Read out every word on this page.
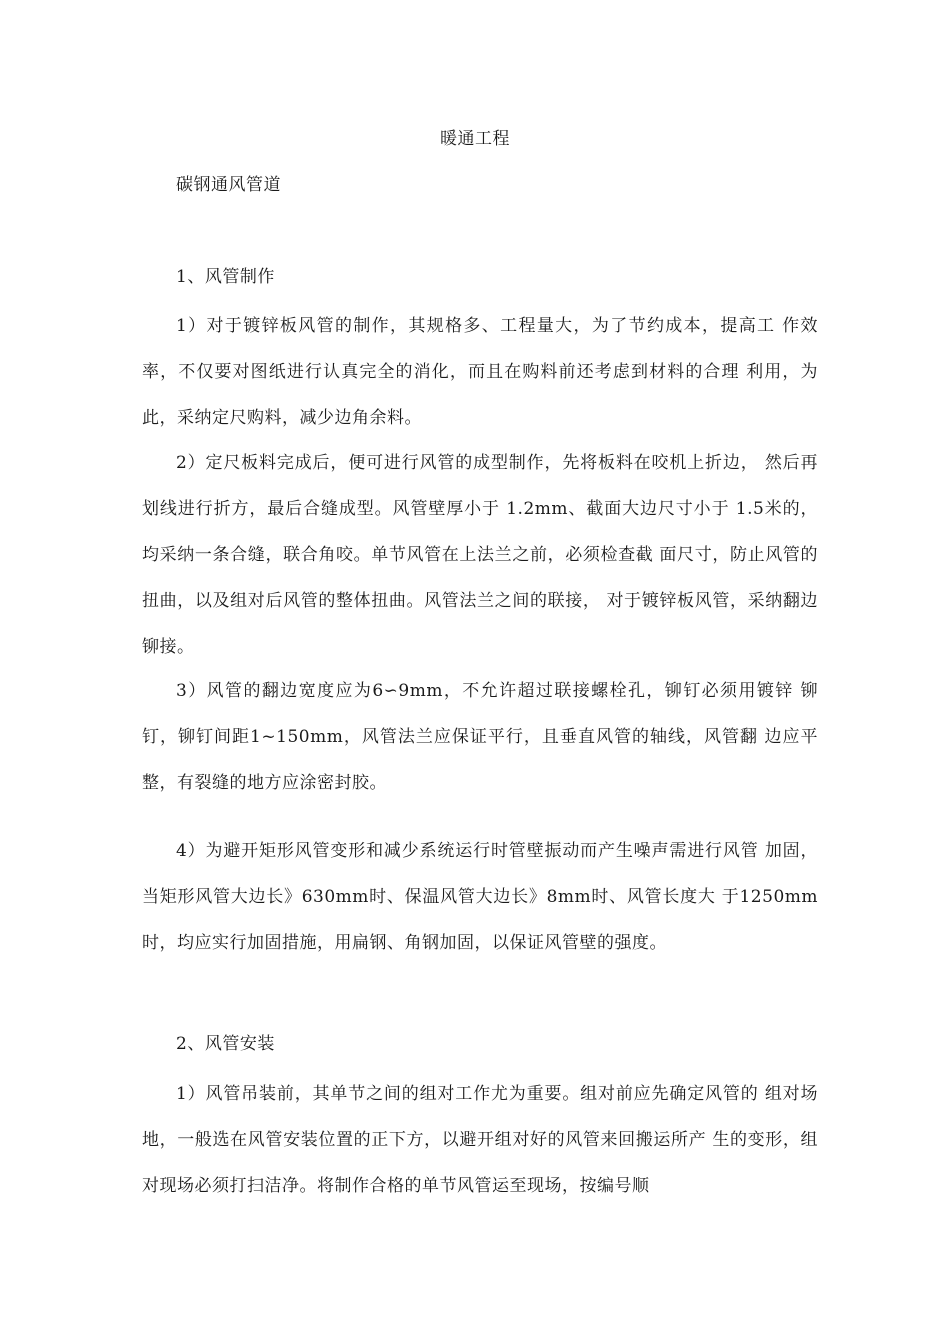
暖通工程
碳钢通风管道
1、风管制作

1）对于镀锌板风管的制作，其规格多、工程量大，为了节约成本，提高工 作效率，不仅要对图纸进行认真完全的消化，而且在购料前还考虑到材料的合理 利用，为此，采纳定尺购料，减少边角余料。

2）定尺板料完成后，便可进行风管的成型制作，先将板料在咬机上折边， 然后再划线进行折方，最后合缝成型。风管壁厚小于 1.2mm、截面大边尺寸小于 1.5米的，均采纳一条合缝，联合角咬。单节风管在上法兰之前，必须检查截 面尺寸，防止风管的扭曲，以及组对后风管的整体扭曲。风管法兰之间的联接， 对于镀锌板风管，采纳翻边铆接。

3）风管的翻边宽度应为6∽9mm，不允许超过联接螺栓孔，铆钉必须用镀锌 铆钉，铆钉间距1~150mm，风管法兰应保证平行，且垂直风管的轴线，风管翻 边应平整，有裂缝的地方应涂密封胶。

4）为避开矩形风管变形和减少系统运行时管壁振动而产生噪声需进行风管 加固，当矩形风管大边长》630mm时、保温风管大边长》8mm时、风管长度大 于1250mm时，均应实行加固措施，用扁钢、角钢加固，以保证风管壁的强度。

2、风管安装

1）风管吊装前，其单节之间的组对工作尤为重要。组对前应先确定风管的 组对场地，一般选在风管安装位置的正下方，以避开组对好的风管来回搬运所产 生的变形，组对现场必须打扫洁净。将制作合格的单节风管运至现场，按编号顺
